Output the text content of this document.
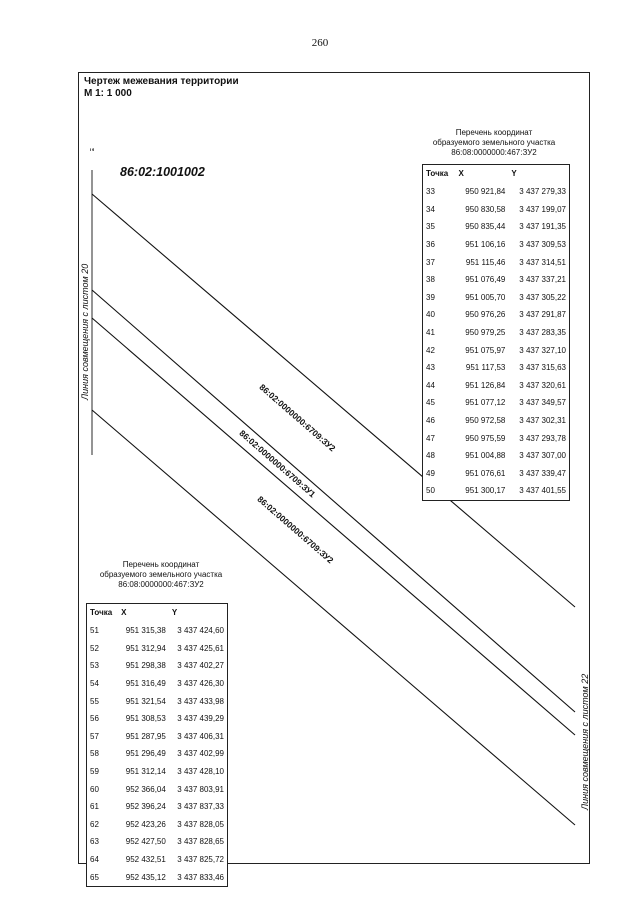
260
Чертеж межевания территории
М 1: 1 000
Ξ
86:02:1001002
Линия совмещения с листом 20
Линия совмещения с листом 22
86:02:0000000:6709:ЗУ2
86:02:0000000:6709:ЗУ1
86:02:0000000:6709:ЗУ2
Перечень координат
образуемого земельного участка
86:08:0000000:467:ЗУ2
Точка	X	Y
33	950 921,84	3 437 279,33
34	950 830,58	3 437 199,07
35	950 835,44	3 437 191,35
36	951 106,16	3 437 309,53
37	951 115,46	3 437 314,51
38	951 076,49	3 437 337,21
39	951 005,70	3 437 305,22
40	950 976,26	3 437 291,87
41	950 979,25	3 437 283,35
42	951 075,97	3 437 327,10
43	951 117,53	3 437 315,63
44	951 126,84	3 437 320,61
45	951 077,12	3 437 349,57
46	950 972,58	3 437 302,31
47	950 975,59	3 437 293,78
48	951 004,88	3 437 307,00
49	951 076,61	3 437 339,47
50	951 300,17	3 437 401,55
Перечень координат
образуемого земельного участка
86:08:0000000:467:ЗУ2
Точка	X	Y
51	951 315,38	3 437 424,60
52	951 312,94	3 437 425,61
53	951 298,38	3 437 402,27
54	951 316,49	3 437 426,30
55	951 321,54	3 437 433,98
56	951 308,53	3 437 439,29
57	951 287,95	3 437 406,31
58	951 296,49	3 437 402,99
59	951 312,14	3 437 428,10
60	952 366,04	3 437 803,91
61	952 396,24	3 437 837,33
62	952 423,26	3 437 828,05
63	952 427,50	3 437 828,65
64	952 432,51	3 437 825,72
65	952 435,12	3 437 833,46
